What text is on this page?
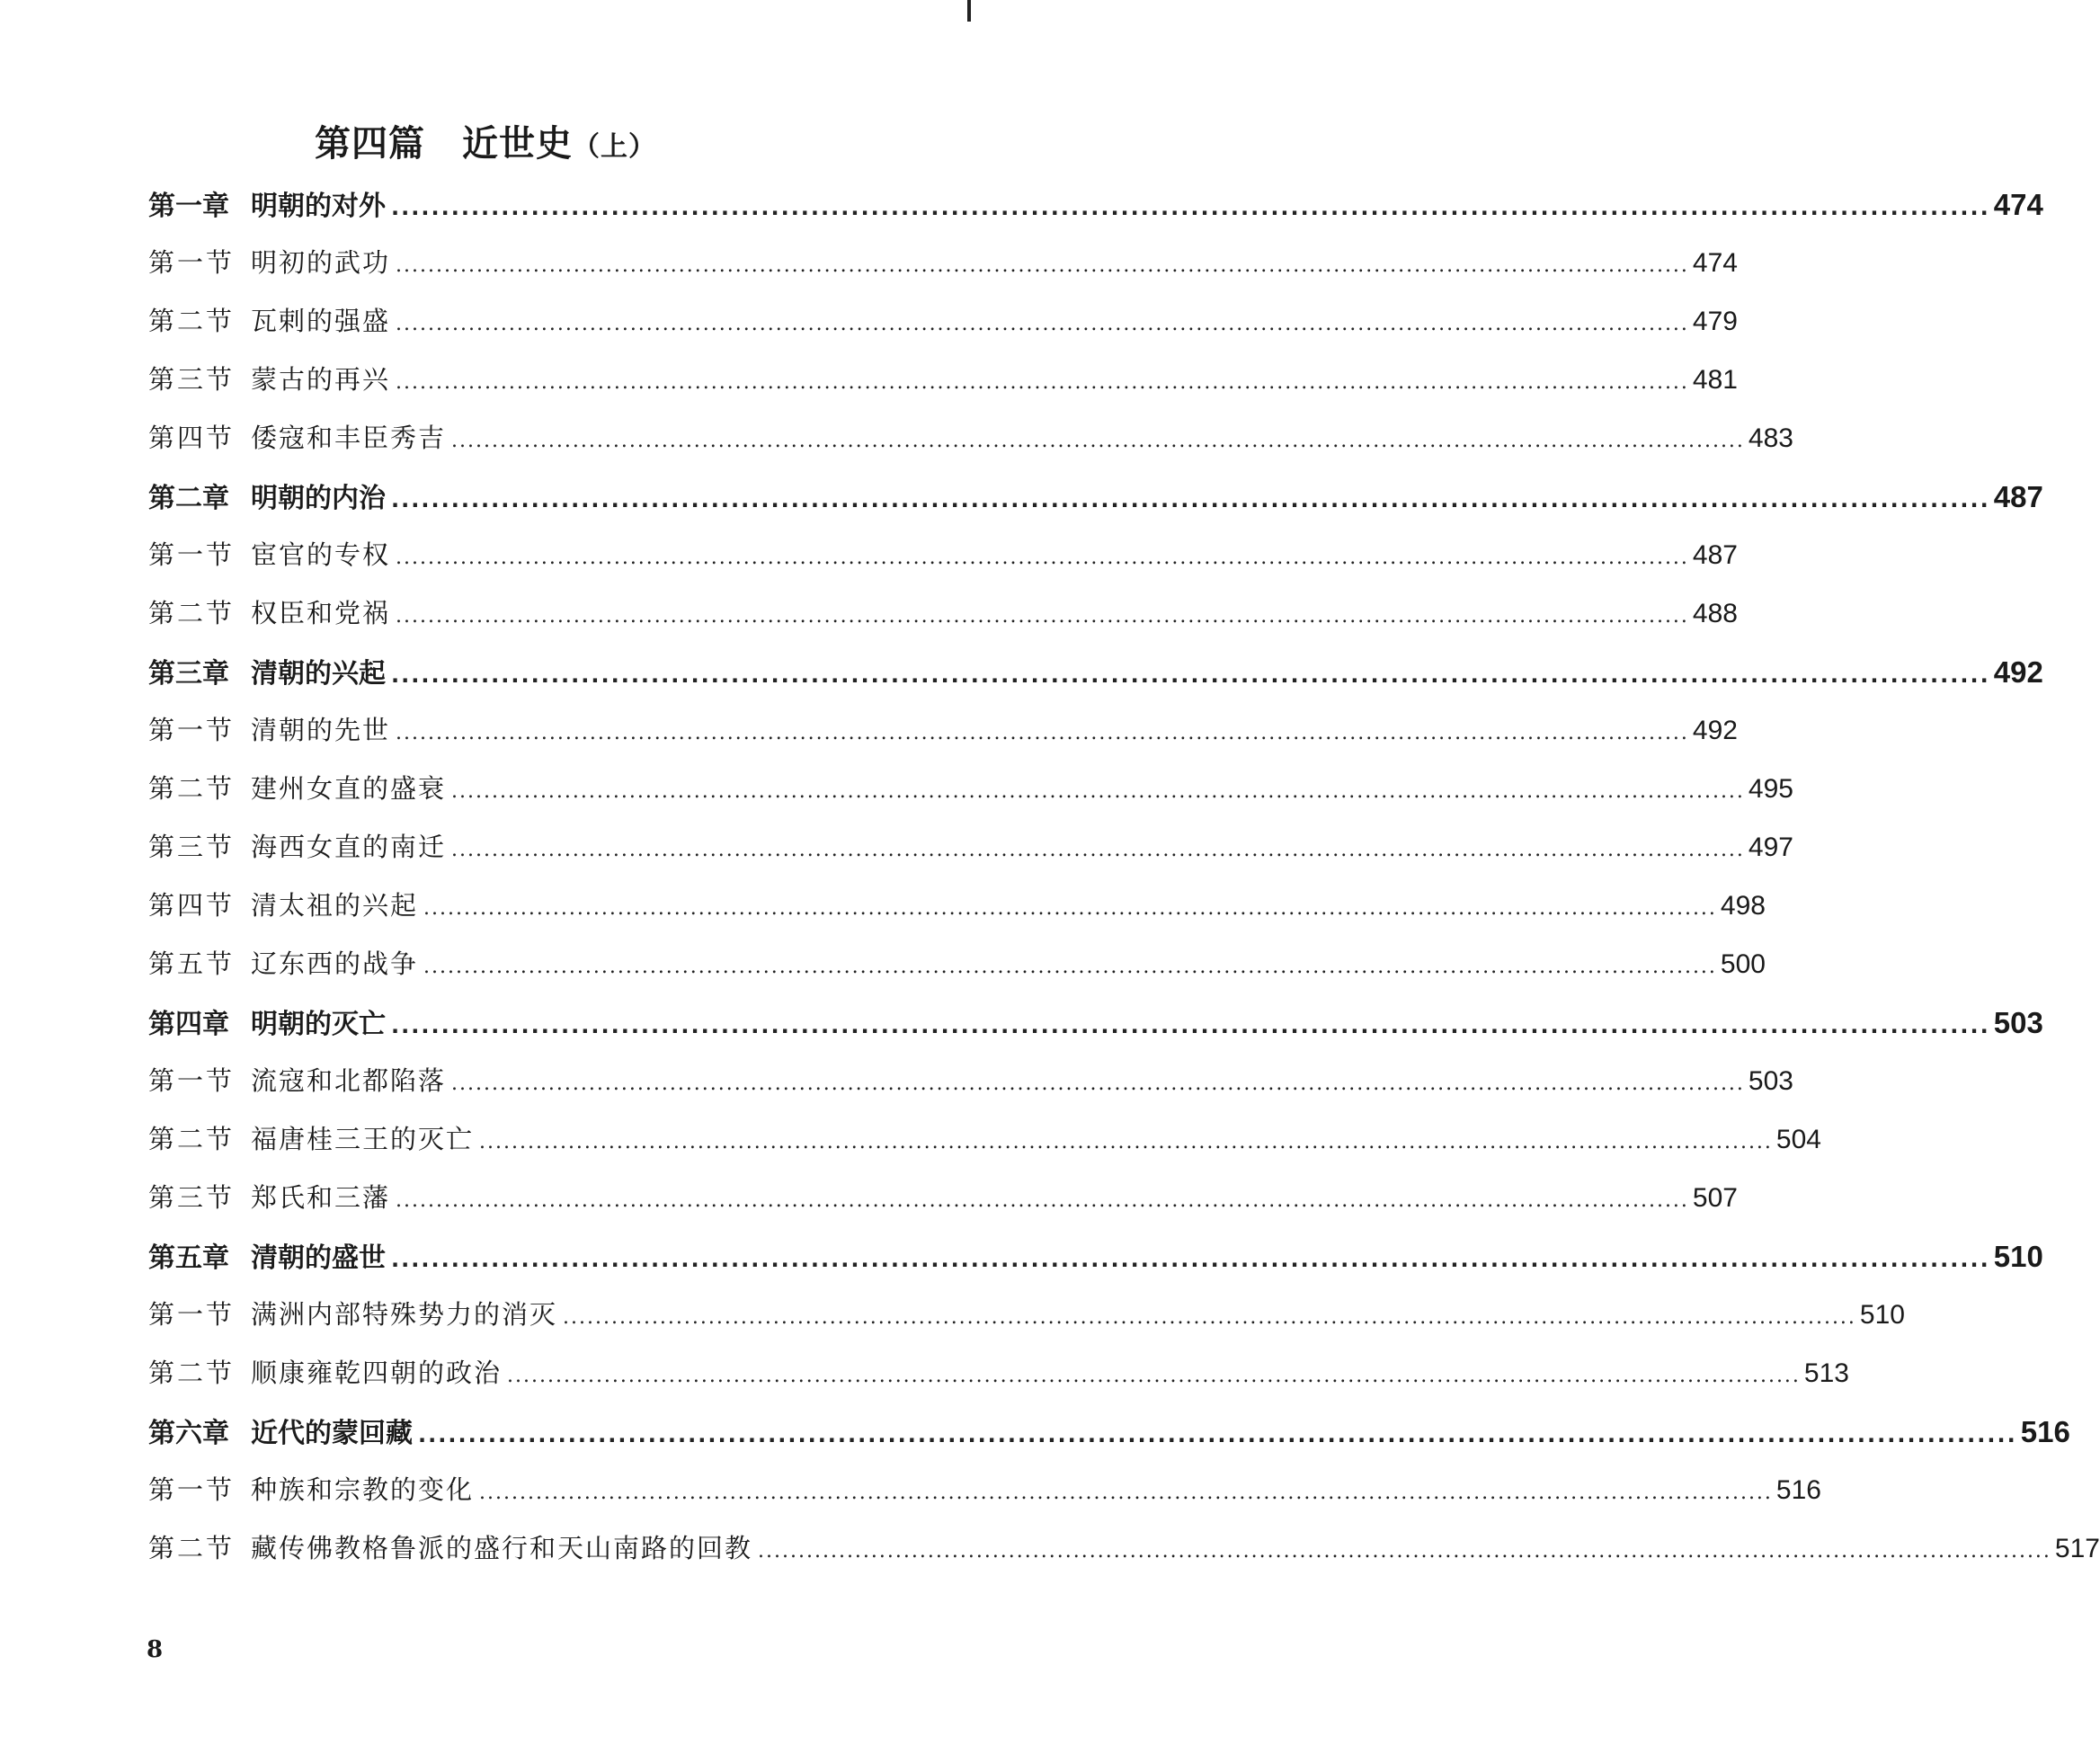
第四篇　近世史（上）
第一章 明朝的对外 ................................................................................................................................................................ 474
第一节 明初的武功 ................................................................................................................................................................ 474
第二节 瓦剌的强盛 ................................................................................................................................................................ 479
第三节 蒙古的再兴 ................................................................................................................................................................ 481
第四节 倭寇和丰臣秀吉 ................................................................................................................................................................ 483
第二章 明朝的内治 ................................................................................................................................................................ 487
第一节 宦官的专权 ................................................................................................................................................................ 487
第二节 权臣和党祸 ................................................................................................................................................................ 488
第三章 清朝的兴起 ................................................................................................................................................................ 492
第一节 清朝的先世 ................................................................................................................................................................ 492
第二节 建州女直的盛衰 ................................................................................................................................................................ 495
第三节 海西女直的南迁 ................................................................................................................................................................ 497
第四节 清太祖的兴起 ................................................................................................................................................................ 498
第五节 辽东西的战争 ................................................................................................................................................................ 500
第四章 明朝的灭亡 ................................................................................................................................................................ 503
第一节 流寇和北都陷落 ................................................................................................................................................................ 503
第二节 福唐桂三王的灭亡 ................................................................................................................................................................ 504
第三节 郑氏和三藩 ................................................................................................................................................................ 507
第五章 清朝的盛世 ................................................................................................................................................................ 510
第一节 满洲内部特殊势力的消灭 ................................................................................................................................................................ 510
第二节 顺康雍乾四朝的政治 ................................................................................................................................................................ 513
第六章 近代的蒙回藏 ................................................................................................................................................................ 516
第一节 种族和宗教的变化 ................................................................................................................................................................ 516
第二节 藏传佛教格鲁派的盛行和天山南路的回教 ................................................................................................................................................................ 517
8
